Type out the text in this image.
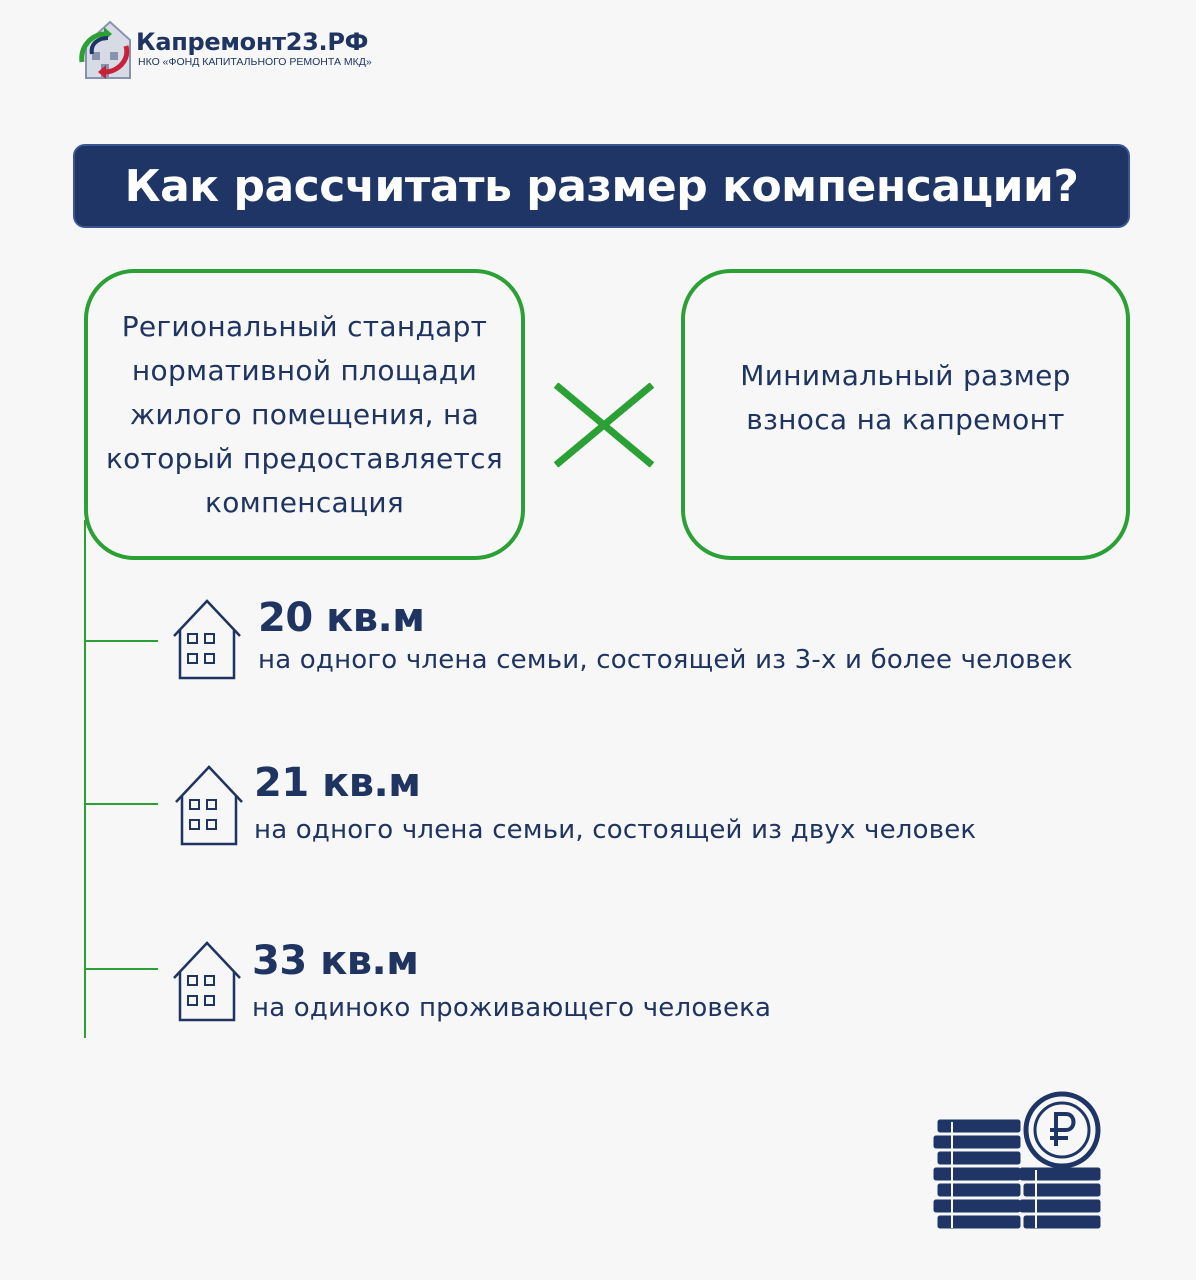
Капремонт23.РФ
НКО «ФОНД КАПИТАЛЬНОГО РЕМОНТА МКД»
Как рассчитать размер компенсации?
Региональный стандарт
нормативной площади
жилого помещения, на
который предоставляется
компенсация
Минимальный размер
взноса на капремонт
20 кв.м
на одного члена семьи, состоящей из 3-х и более человек
21 кв.м
на одного члена семьи, состоящей из двух человек
33 кв.м
на одиноко проживающего человека
